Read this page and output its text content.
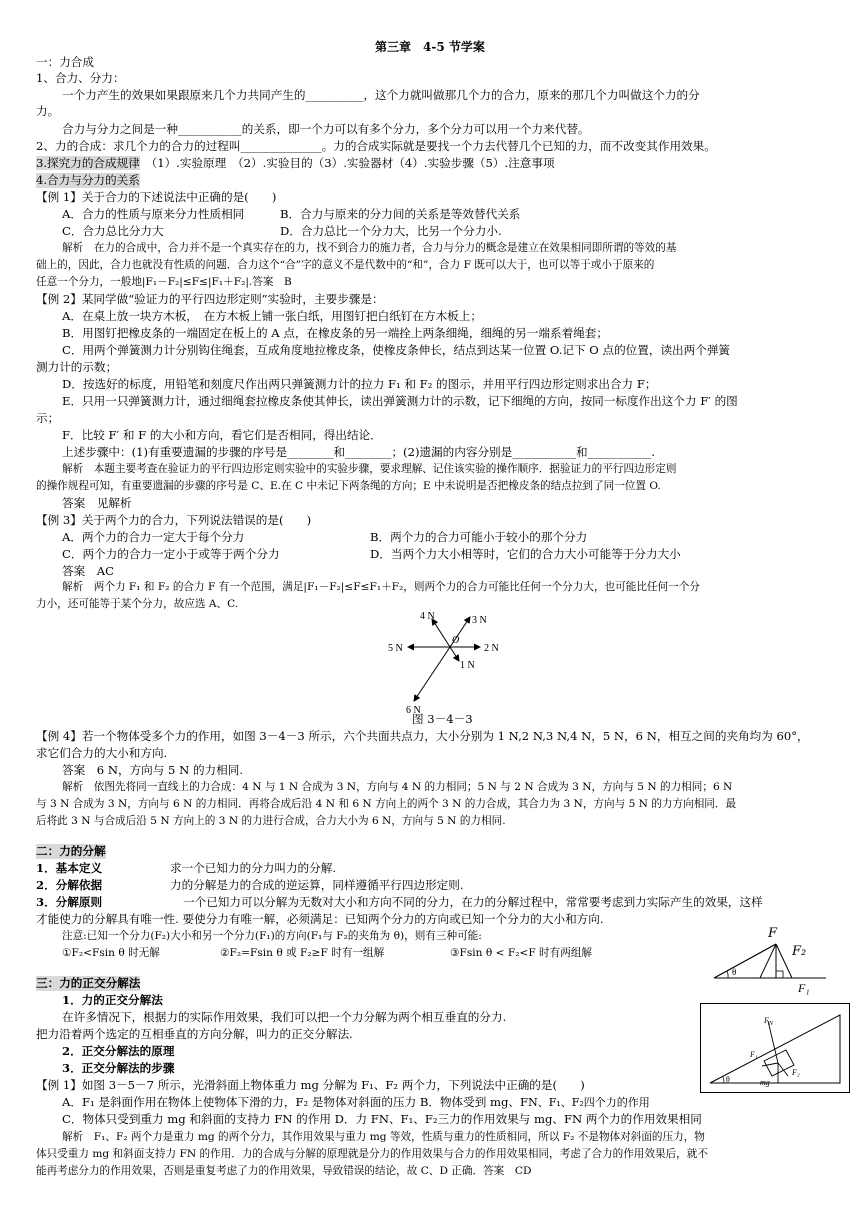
第三章　4-5 节学案
一：力合成
1、合力、分力：
一个力产生的效果如果跟原来几个力共同产生的__________，这个力就叫做那几个力的合力，原来的那几个力叫做这个力的分
力。
合力与分力之间是一种___________的关系，即一个力可以有多个分力，多个分力可以用一个力来代替。
2、力的合成：求几个力的合力的过程叫______________。力的合成实际就是要找一个力去代替几个已知的力，而不改变其作用效果。
3.探究力的合成规律　 （1）.实验原理　（2）.实验目的（3）.实验器材（4）.实验步骤（5）.注意事项
4.合力与分力的关系
【例 1】关于合力的下述说法中正确的是(　　)
A．合力的性质与原来分力性质相同	B．合力与原来的分力间的关系是等效替代关系
C．合力总比分力大	D．合力总比一个分力大，比另一个分力小.
解析　在力的合成中，合力并不是一个真实存在的力，找不到合力的施力者，合力与分力的概念是建立在效果相同即所谓的等效的基
础上的，因此，合力也就没有性质的问题．合力这个“合”字的意义不是代数中的“和”，合力 F 既可以大于，也可以等于或小于原来的
任意一个分力，一般地|F₁－F₂|≤F≤|F₁＋F₂|.答案　B
【例 2】某同学做“验证力的平行四边形定则”实验时，主要步骤是：
A．在桌上放一块方木板，　在方木板上铺一张白纸，用图钉把白纸钉在方木板上；
B．用图钉把橡皮条的一端固定在板上的 A 点，在橡皮条的另一端拴上两条细绳，细绳的另一端系着绳套；
C．用两个弹簧测力计分别钩住绳套，互成角度地拉橡皮条，使橡皮条伸长，结点到达某一位置 O.记下 O 点的位置，读出两个弹簧
测力计的示数；
D．按选好的标度，用铅笔和刻度尺作出两只弹簧测力计的拉力 F₁ 和 F₂ 的图示，并用平行四边形定则求出合力 F；
E．只用一只弹簧测力计，通过细绳套拉橡皮条使其伸长，读出弹簧测力计的示数，记下细绳的方向，按同一标度作出这个力 F′ 的图
示；
F．比较 F′ 和 F 的大小和方向，看它们是否相同，得出结论．
上述步骤中：(1)有重要遗漏的步骤的序号是________和________；(2)遗漏的内容分别是___________和___________.
解析　本题主要考查在验证力的平行四边形定则实验中的实验步骤，要求理解、记住该实验的操作顺序．据验证力的平行四边形定则
的操作规程可知，有重要遗漏的步骤的序号是 C、E.在 C 中未记下两条绳的方向；E 中未说明是否把橡皮条的结点拉到了同一位置 O.
答案　见解析
【例 3】关于两个力的合力，下列说法错误的是(　　)
A．两个力的合力一定大于每个分力	B．两个力的合力可能小于较小的那个分力
C．两个力的合力一定小于或等于两个分力	D．当两个力大小相等时，它们的合力大小可能等于分力大小
答案　AC
解析　两个力 F₁ 和 F₂ 的合力 F 有一个范围，满足|F₁－F₂|≤F≤F₁＋F₂，则两个力的合力可能比任何一个分力大，也可能比任何一个分
力小，还可能等于某个分力，故应选 A、C.
4 N	3 N
5 N	2 N
1 N
6 N
O
图 3－4－3
【例 4】若一个物体受多个力的作用，如图 3－4－3 所示，六个共面共点力，大小分别为 1 N,2 N,3 N,4 N，5 N，6 N，相互之间的夹角均为 60°，
求它们合力的大小和方向.
答案　6 N，方向与 5 N 的力相同.
解析　依图先将同一直线上的力合成：4 N 与 1 N 合成为 3 N，方向与 4 N 的力相同；5 N 与 2 N 合成为 3 N，方向与 5 N 的力相同；6 N
与 3 N 合成为 3 N，方向与 6 N 的力相同．再将合成后沿 4 N 和 6 N 方向上的两个 3 N 的力合成，其合力为 3 N，方向与 5 N 的力方向相同．最
后将此 3 N 与合成后沿 5 N 方向上的 3 N 的力进行合成，合力大小为 6 N，方向与 5 N 的力相同.
二：力的分解
1．基本定义	求一个已知力的分力叫力的分解.
2．分解依据	力的分解是力的合成的逆运算，同样遵循平行四边形定则.
3．分解原则	一个已知力可以分解为无数对大小和方向不同的分力，在力的分解过程中，常常要考虑到力实际产生的效果，这样
才能使力的分解具有唯一性. 要使分力有唯一解，必须满足：已知两个分力的方向或已知一个分力的大小和方向.
注意:已知一个分力(F₂)大小和另一个分力(F₁)的方向(F₁与 F₂的夹角为 θ)，则有三种可能:
①F₂<Fsin θ 时无解	②F₂=Fsin θ 或 F₂≥F 时有一组解	③Fsin θ < F₂<F 时有两组解
θ
F₁
F
F₂
三：力的正交分解法
1．力的正交分解法
在许多情况下，根据力的实际作用效果，我们可以把一个力分解为两个相互垂直的分力.
把力沿着两个选定的互相垂直的方向分解，叫力的正交分解法.
2．正交分解法的原理
3．正交分解法的步骤
$F_N$
F₁
F₂
mg
θ
【例 1】如图 3－5－7 所示，光滑斜面上物体重力 mg 分解为 F₁、F₂ 两个力，下列说法中正确的是(　　)
A．F₁ 是斜面作用在物体上使物体下滑的力，F₂ 是物体对斜面的压力 B．物体受到 mg、FN、F₁、F₂四个力的作用
C．物体只受到重力 mg 和斜面的支持力 FN 的作用 D．力 FN、F₁、F₂三力的作用效果与 mg、FN 两个力的作用效果相同
解析　F₁、F₂ 两个力是重力 mg 的两个分力，其作用效果与重力 mg 等效，性质与重力的性质相同，所以 F₂ 不是物体对斜面的压力，物
体只受重力 mg 和斜面支持力 FN 的作用．力的合成与分解的原理就是分力的作用效果与合力的作用效果相同，考虑了合力的作用效果后，就不
能再考虑分力的作用效果，否则是重复考虑了力的作用效果，导致错误的结论，故 C、D 正确．答案　CD
